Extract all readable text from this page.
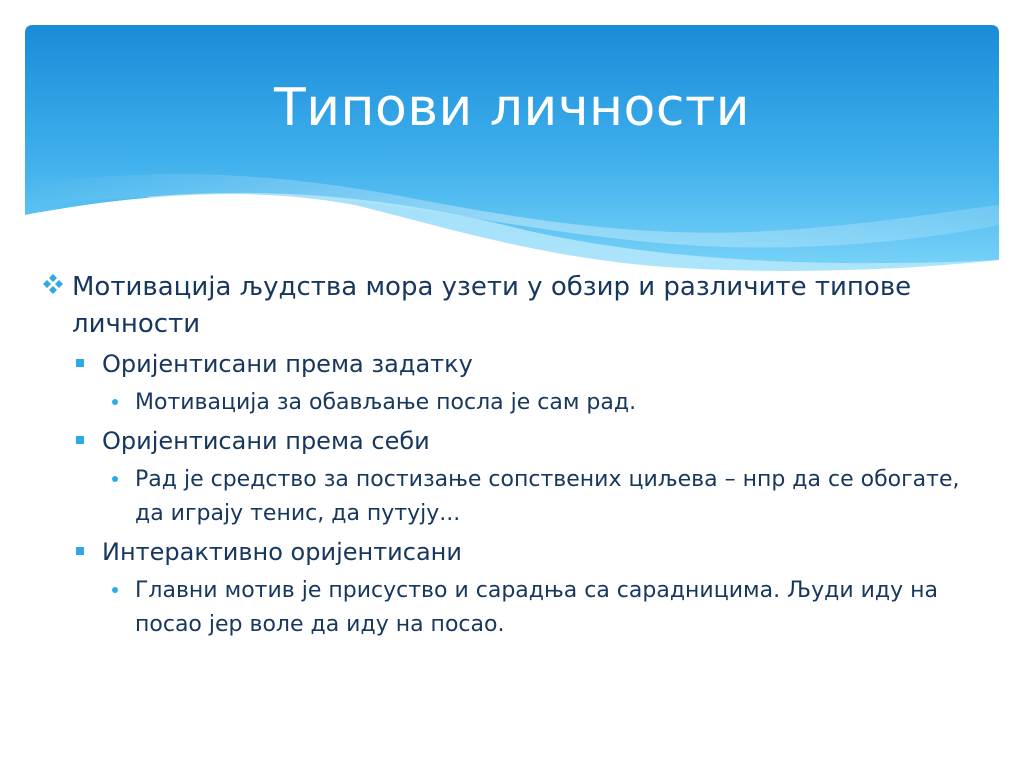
Типови личности
Мотивација људства мора узети у обзир и различите типове личности
Оријентисани према задатку
Мотивација за обављање посла је сам рад.
Оријентисани према себи
Рад је средство за постизање сопствених циљева – нпр да се обогате, да играју тенис, да путују...
Интерактивно оријентисани
Главни мотив је присуство и сарадња са сарадницима. Људи иду на посао јер воле да иду на посао.
